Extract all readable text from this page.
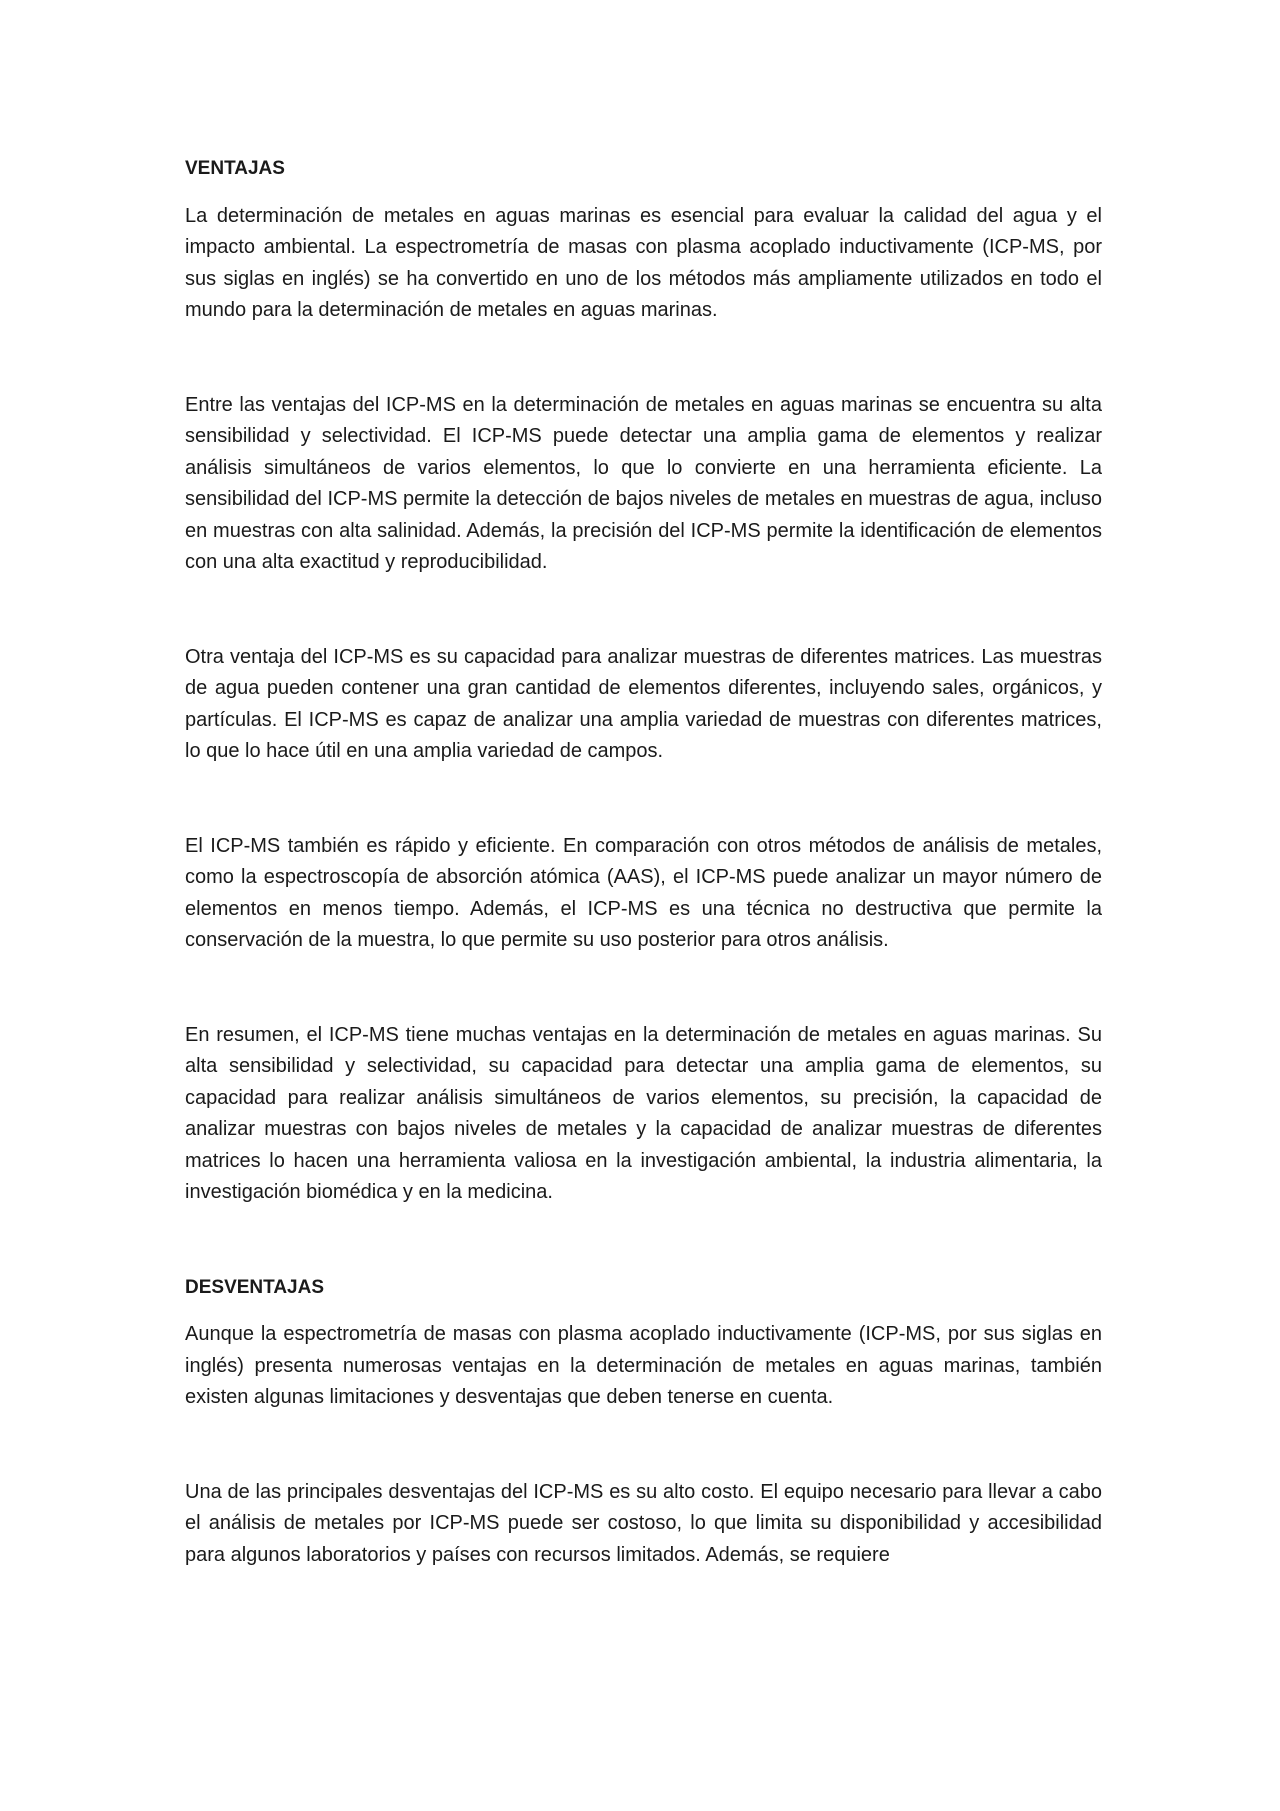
VENTAJAS

La determinación de metales en aguas marinas es esencial para evaluar la calidad del agua y el impacto ambiental. La espectrometría de masas con plasma acoplado inductivamente (ICP-MS, por sus siglas en inglés) se ha convertido en uno de los métodos más ampliamente utilizados en todo el mundo para la determinación de metales en aguas marinas.

Entre las ventajas del ICP-MS en la determinación de metales en aguas marinas se encuentra su alta sensibilidad y selectividad. El ICP-MS puede detectar una amplia gama de elementos y realizar análisis simultáneos de varios elementos, lo que lo convierte en una herramienta eficiente. La sensibilidad del ICP-MS permite la detección de bajos niveles de metales en muestras de agua, incluso en muestras con alta salinidad. Además, la precisión del ICP-MS permite la identificación de elementos con una alta exactitud y reproducibilidad.

Otra ventaja del ICP-MS es su capacidad para analizar muestras de diferentes matrices. Las muestras de agua pueden contener una gran cantidad de elementos diferentes, incluyendo sales, orgánicos, y partículas. El ICP-MS es capaz de analizar una amplia variedad de muestras con diferentes matrices, lo que lo hace útil en una amplia variedad de campos.

El ICP-MS también es rápido y eficiente. En comparación con otros métodos de análisis de metales, como la espectroscopía de absorción atómica (AAS), el ICP-MS puede analizar un mayor número de elementos en menos tiempo. Además, el ICP-MS es una técnica no destructiva que permite la conservación de la muestra, lo que permite su uso posterior para otros análisis.

En resumen, el ICP-MS tiene muchas ventajas en la determinación de metales en aguas marinas. Su alta sensibilidad y selectividad, su capacidad para detectar una amplia gama de elementos, su capacidad para realizar análisis simultáneos de varios elementos, su precisión, la capacidad de analizar muestras con bajos niveles de metales y la capacidad de analizar muestras de diferentes matrices lo hacen una herramienta valiosa en la investigación ambiental, la industria alimentaria, la investigación biomédica y en la medicina.

DESVENTAJAS

Aunque la espectrometría de masas con plasma acoplado inductivamente (ICP-MS, por sus siglas en inglés) presenta numerosas ventajas en la determinación de metales en aguas marinas, también existen algunas limitaciones y desventajas que deben tenerse en cuenta.

Una de las principales desventajas del ICP-MS es su alto costo. El equipo necesario para llevar a cabo el análisis de metales por ICP-MS puede ser costoso, lo que limita su disponibilidad y accesibilidad para algunos laboratorios y países con recursos limitados. Además, se requiere
